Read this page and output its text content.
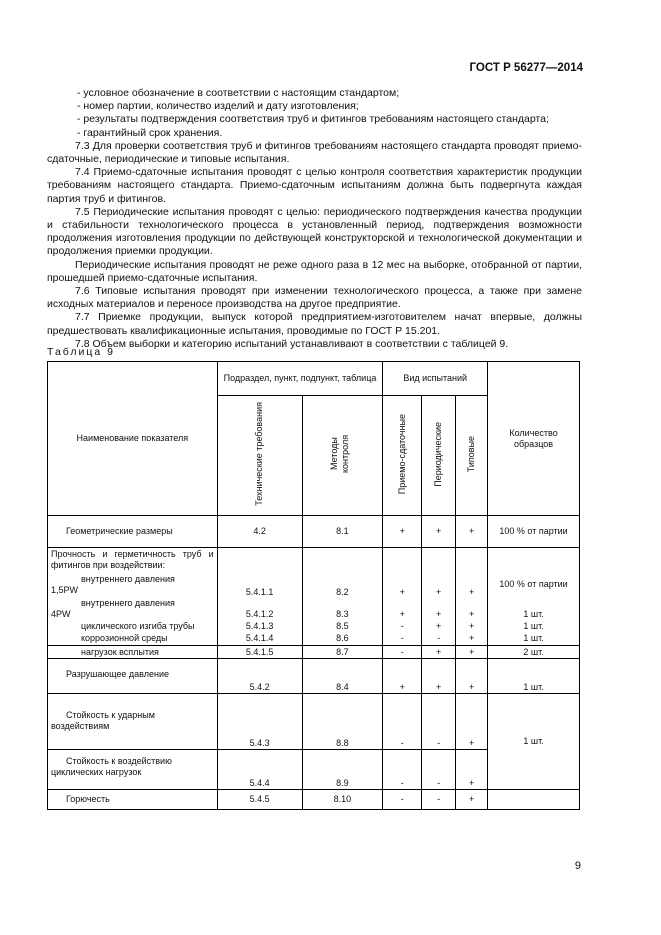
ГОСТ Р 56277—2014

- условное обозначение в соответствии с настоящим стандартом;

- номер партии, количество изделий и дату изготовления;

- результаты подтверждения соответствия труб и фитингов требованиям настоящего стандарта;

- гарантийный срок хранения.

7.3 Для проверки соответствия труб и фитингов требованиям настоящего стандарта проводят приемо-сдаточные, периодические и типовые испытания.

7.4 Приемо-сдаточные испытания проводят с целью контроля соответствия характеристик продукции требованиям настоящего стандарта. Приемо-сдаточным испытаниям должна быть подвергнута каждая партия труб и фитингов.

7.5 Периодические испытания проводят с целью: периодического подтверждения качества продукции и стабильности технологического процесса в установленный период, подтверждения возможности продолжения изготовления продукции по действующей конструкторской и технологической документации и продолжения приемки продукции.

Периодические испытания проводят не реже одного раза в 12 мес на выборке, отобранной от партии, прошедшей приемо-сдаточные испытания.

7.6 Типовые испытания проводят при изменении технологического процесса, а также при замене исходных материалов и переносе производства на другое предприятие.

7.7 Приемке продукции, выпуск которой предприятием-изготовителем начат впервые, должны предшествовать квалификационные испытания, проводимые по ГОСТ Р 15.201.

7.8 Объем выборки и категорию испытаний устанавливают в соответствии с таблицей 9.

Таблица 9
Наименование показателя	Подраздел, пункт, подпункт, таблица		Вид испытаний			Количество образцов
	Технические требования	Методы контроля	Приемо-сдаточные	Периодические	Типовые	
Геометрические размеры	4.2	8.1	+	+	+	100 % от партии
Прочность и герметичность труб и фитингов при воздействии:						

внутреннего давления
1,5PW	5.4.1.1	8.2	+	+	+	100 % от партии

внутреннего давления
4PW	5.4.1.2	8.3	+	+	+	1 шт.
циклического изгиба трубы	5.4.1.3	8.5	-	+	+	1 шт.
коррозионной среды	5.4.1.4	8.6	-	-	+	1 шт.
нагрузок всплытия	5.4.1.5	8.7	-	+	+	2 шт.
Разрушающее давление	5.4.2	8.4	+	+	+	1 шт.
Стойкость к ударным воздействиям	5.4.3	8.8	-	-	+	1 шт.
Стойкость к воздействию циклических нагрузок	5.4.4	8.9	-	-	+	
Горючесть	5.4.5	8.10	-	-	+	
9
